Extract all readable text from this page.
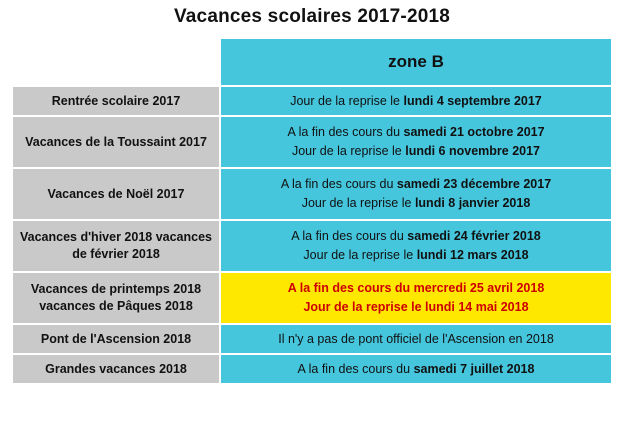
Vacances scolaires 2017-2018
	zone B
Rentrée scolaire 2017	Jour de la reprise le lundi 4 septembre 2017

Vacances de la Toussaint 2017	A la fin des cours du samedi 21 octobre 2017
Jour de la reprise le lundi 6 novembre 2017

Vacances de Noël 2017	A la fin des cours du samedi 23 décembre 2017
Jour de la reprise le lundi 8 janvier 2018

Vacances d'hiver 2018 vacances de février 2018	A la fin des cours du samedi 24 février 2018
Jour de la reprise le lundi 12 mars 2018

Vacances de printemps 2018 vacances de Pâques 2018	A la fin des cours du mercredi 25 avril 2018
Jour de la reprise le lundi 14 mai 2018

Pont de l'Ascension 2018	Il n'y a pas de pont officiel de l'Ascension en 2018

Grandes vacances 2018	A la fin des cours du samedi 7 juillet 2018
